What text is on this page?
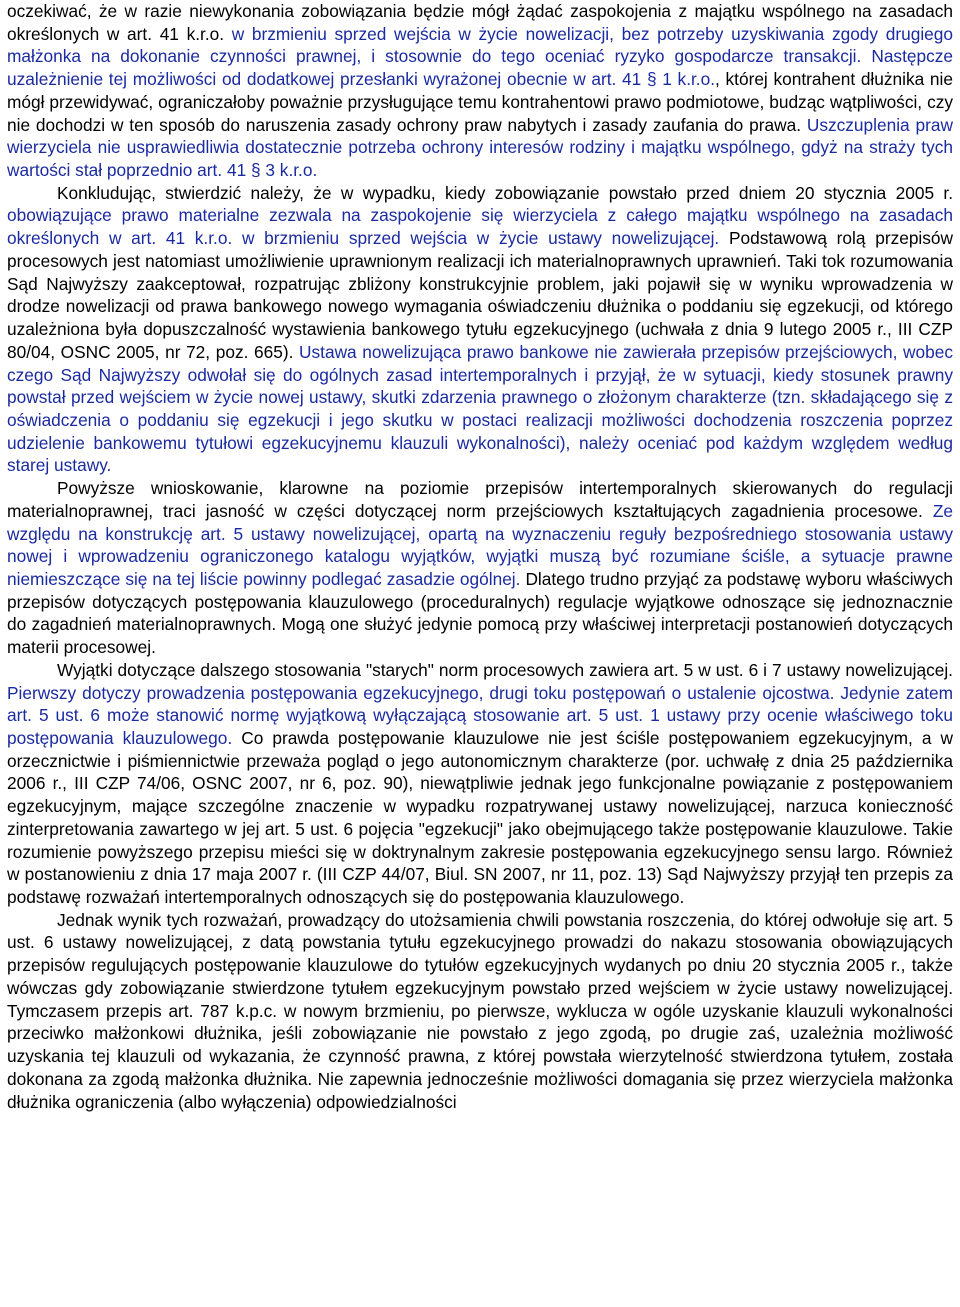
oczekiwać, że w razie niewykonania zobowiązania będzie mógł żądać zaspokojenia z majątku wspólnego na zasadach określonych w art. 41 k.r.o. w brzmieniu sprzed wejścia w życie nowelizacji, bez potrzeby uzyskiwania zgody drugiego małżonka na dokonanie czynności prawnej, i stosownie do tego oceniać ryzyko gospodarcze transakcji. Następcze uzależnienie tej możliwości od dodatkowej przesłanki wyrażonej obecnie w art. 41 § 1 k.r.o., której kontrahent dłużnika nie mógł przewidywać, ograniczałoby poważnie przysługujące temu kontrahentowi prawo podmiotowe, budząc wątpliwości, czy nie dochodzi w ten sposób do naruszenia zasady ochrony praw nabytych i zasady zaufania do prawa. Uszczuplenia praw wierzyciela nie usprawiedliwia dostatecznie potrzeba ochrony interesów rodziny i majątku wspólnego, gdyż na straży tych wartości stał poprzednio art. 41 § 3 k.r.o.

Konkludując, stwierdzić należy, że w wypadku, kiedy zobowiązanie powstało przed dniem 20 stycznia 2005 r. obowiązujące prawo materialne zezwala na zaspokojenie się wierzyciela z całego majątku wspólnego na zasadach określonych w art. 41 k.r.o. w brzmieniu sprzed wejścia w życie ustawy nowelizującej. Podstawową rolą przepisów procesowych jest natomiast umożliwienie uprawnionym realizacji ich materialnoprawnych uprawnień. Taki tok rozumowania Sąd Najwyższy zaakceptował, rozpatrując zbliżony konstrukcyjnie problem, jaki pojawił się w wyniku wprowadzenia w drodze nowelizacji od prawa bankowego nowego wymagania oświadczeniu dłużnika o poddaniu się egzekucji, od którego uzależniona była dopuszczalność wystawienia bankowego tytułu egzekucyjnego (uchwała z dnia 9 lutego 2005 r., III CZP 80/04, OSNC 2005, nr 72, poz. 665). Ustawa nowelizująca prawo bankowe nie zawierała przepisów przejściowych, wobec czego Sąd Najwyższy odwołał się do ogólnych zasad intertemporalnych i przyjął, że w sytuacji, kiedy stosunek prawny powstał przed wejściem w życie nowej ustawy, skutki zdarzenia prawnego o złożonym charakterze (tzn. składającego się z oświadczenia o poddaniu się egzekucji i jego skutku w postaci realizacji możliwości dochodzenia roszczenia poprzez udzielenie bankowemu tytułowi egzekucyjnemu klauzuli wykonalności), należy oceniać pod każdym względem według starej ustawy.

Powyższe wnioskowanie, klarowne na poziomie przepisów intertemporalnych skierowanych do regulacji materialnoprawnej, traci jasność w części dotyczącej norm przejściowych kształtujących zagadnienia procesowe. Ze względu na konstrukcję art. 5 ustawy nowelizującej, opartą na wyznaczeniu reguły bezpośredniego stosowania ustawy nowej i wprowadzeniu ograniczonego katalogu wyjątków, wyjątki muszą być rozumiane ściśle, a sytuacje prawne niemieszczące się na tej liście powinny podlegać zasadzie ogólnej. Dlatego trudno przyjąć za podstawę wyboru właściwych przepisów dotyczących postępowania klauzulowego (proceduralnych) regulacje wyjątkowe odnoszące się jednoznacznie do zagadnień materialnoprawnych. Mogą one służyć jedynie pomocą przy właściwej interpretacji postanowień dotyczących materii procesowej.

Wyjątki dotyczące dalszego stosowania "starych" norm procesowych zawiera art. 5 w ust. 6 i 7 ustawy nowelizującej. Pierwszy dotyczy prowadzenia postępowania egzekucyjnego, drugi toku postępowań o ustalenie ojcostwa. Jedynie zatem art. 5 ust. 6 może stanowić normę wyjątkową wyłączającą stosowanie art. 5 ust. 1 ustawy przy ocenie właściwego toku postępowania klauzulowego. Co prawda postępowanie klauzulowe nie jest ściśle postępowaniem egzekucyjnym, a w orzecznictwie i piśmiennictwie przeważa pogląd o jego autonomicznym charakterze (por. uchwałę z dnia 25 października 2006 r., III CZP 74/06, OSNC 2007, nr 6, poz. 90), niewątpliwie jednak jego funkcjonalne powiązanie z postępowaniem egzekucyjnym, mające szczególne znaczenie w wypadku rozpatrywanej ustawy nowelizującej, narzuca konieczność zinterpretowania zawartego w jej art. 5 ust. 6 pojęcia "egzekucji" jako obejmującego także postępowanie klauzulowe. Takie rozumienie powyższego przepisu mieści się w doktrynalnym zakresie postępowania egzekucyjnego sensu largo. Również w postanowieniu z dnia 17 maja 2007 r. (III CZP 44/07, Biul. SN 2007, nr 11, poz. 13) Sąd Najwyższy przyjął ten przepis za podstawę rozważań intertemporalnych odnoszących się do postępowania klauzulowego.

Jednak wynik tych rozważań, prowadzący do utożsamienia chwili powstania roszczenia, do której odwołuje się art. 5 ust. 6 ustawy nowelizującej, z datą powstania tytułu egzekucyjnego prowadzi do nakazu stosowania obowiązujących przepisów regulujących postępowanie klauzulowe do tytułów egzekucyjnych wydanych po dniu 20 stycznia 2005 r., także wówczas gdy zobowiązanie stwierdzone tytułem egzekucyjnym powstało przed wejściem w życie ustawy nowelizującej. Tymczasem przepis art. 787 k.p.c. w nowym brzmieniu, po pierwsze, wyklucza w ogóle uzyskanie klauzuli wykonalności przeciwko małżonkowi dłużnika, jeśli zobowiązanie nie powstało z jego zgodą, po drugie zaś, uzależnia możliwość uzyskania tej klauzuli od wykazania, że czynność prawna, z której powstała wierzytelność stwierdzona tytułem, została dokonana za zgodą małżonka dłużnika. Nie zapewnia jednocześnie możliwości domagania się przez wierzyciela małżonka dłużnika ograniczenia (albo wyłączenia) odpowiedzialności
